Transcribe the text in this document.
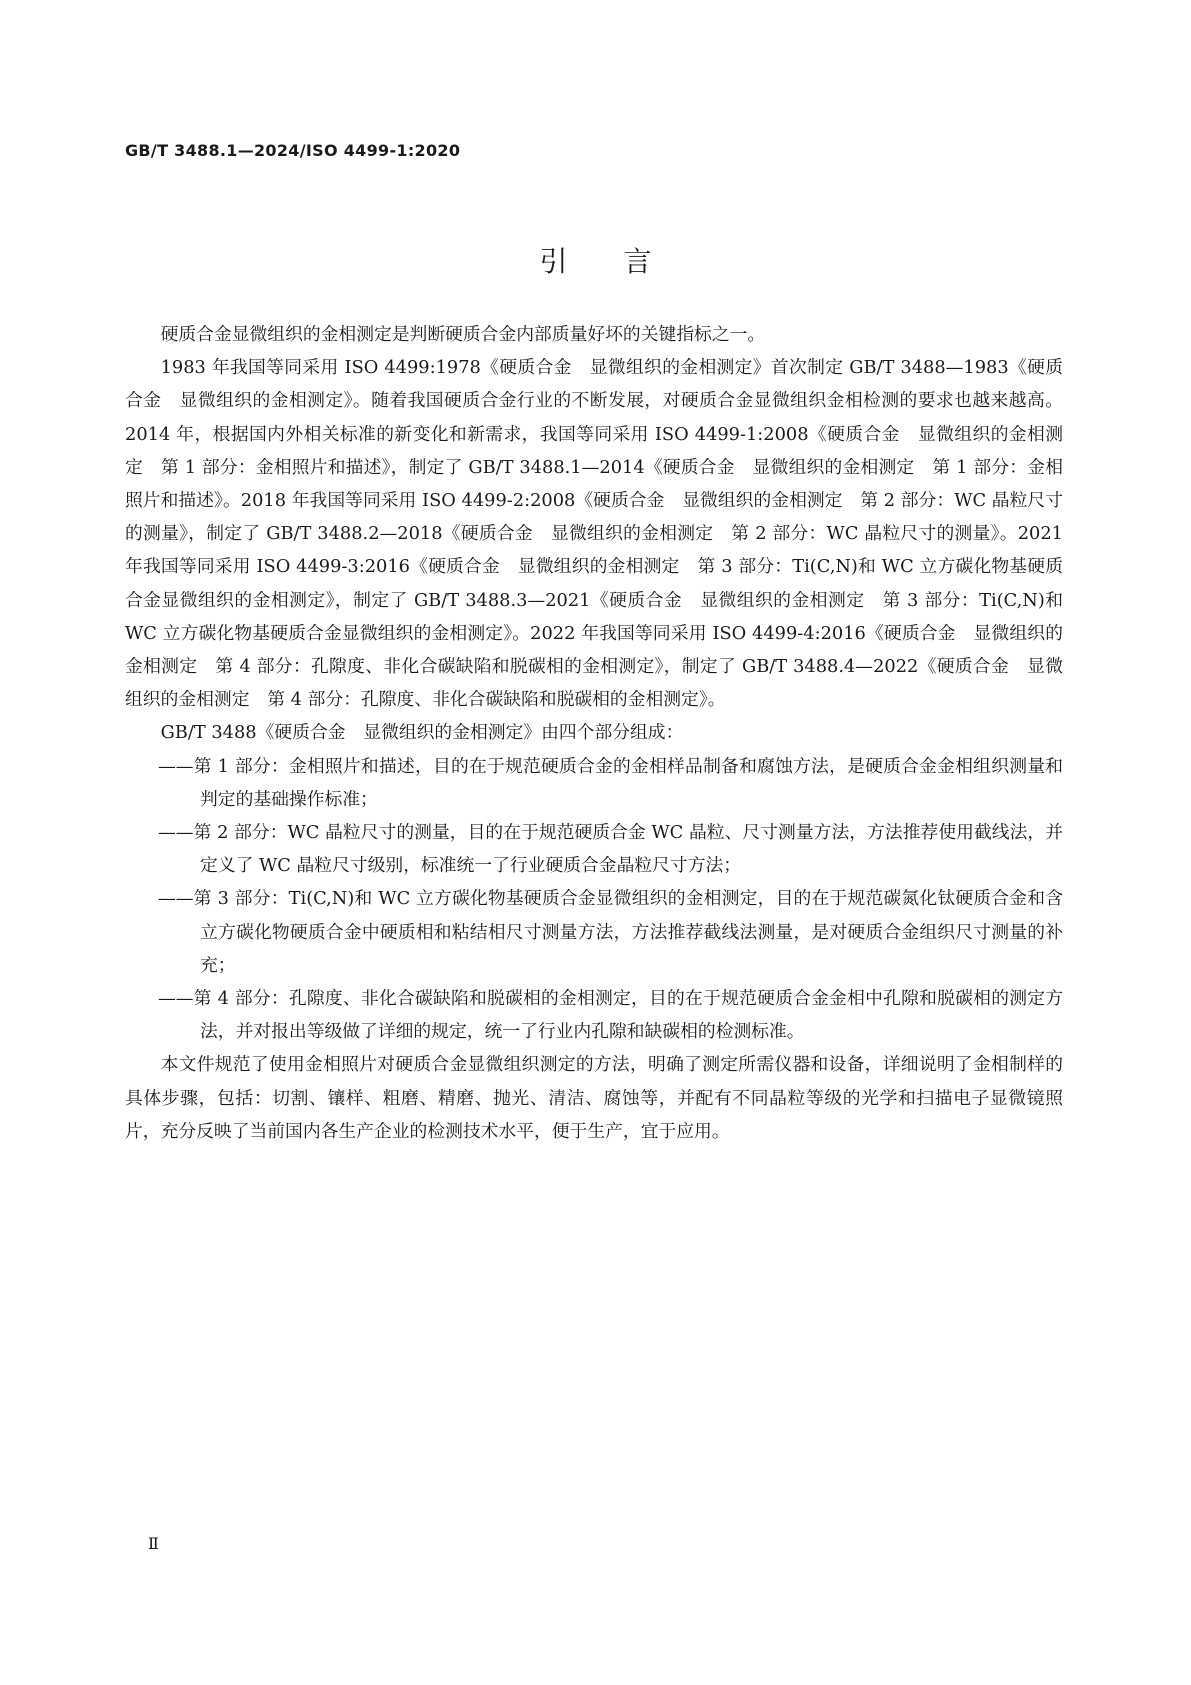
GB/T 3488.1—2024/ISO 4499-1:2020
引言

硬质合金显微组织的金相测定是判断硬质合金内部质量好坏的关键指标之一。

1983 年我国等同采用 ISO 4499:1978《硬质合金　显微组织的金相测定》首次制定 GB/T 3488—1983《硬质合金　显微组织的金相测定》。随着我国硬质合金行业的不断发展，对硬质合金显微组织金相检测的要求也越来越高。2014 年，根据国内外相关标准的新变化和新需求，我国等同采用 ISO 4499-1:2008《硬质合金　显微组织的金相测定　第 1 部分：金相照片和描述》，制定了 GB/T 3488.1—2014《硬质合金　显微组织的金相测定　第 1 部分：金相照片和描述》。2018 年我国等同采用 ISO 4499-2:2008《硬质合金　显微组织的金相测定　第 2 部分：WC 晶粒尺寸的测量》，制定了 GB/T 3488.2—2018《硬质合金　显微组织的金相测定　第 2 部分：WC 晶粒尺寸的测量》。2021 年我国等同采用 ISO 4499-3:2016《硬质合金　显微组织的金相测定　第 3 部分：Ti(C,N)和 WC 立方碳化物基硬质合金显微组织的金相测定》，制定了 GB/T 3488.3—2021《硬质合金　显微组织的金相测定　第 3 部分：Ti(C,N)和 WC 立方碳化物基硬质合金显微组织的金相测定》。2022 年我国等同采用 ISO 4499-4:2016《硬质合金　显微组织的金相测定　第 4 部分：孔隙度、非化合碳缺陷和脱碳相的金相测定》，制定了 GB/T 3488.4—2022《硬质合金　显微组织的金相测定　第 4 部分：孔隙度、非化合碳缺陷和脱碳相的金相测定》。

GB/T 3488《硬质合金　显微组织的金相测定》由四个部分组成：

——第 1 部分：金相照片和描述，目的在于规范硬质合金的金相样品制备和腐蚀方法，是硬质合金金相组织测量和判定的基础操作标准；
——第 2 部分：WC 晶粒尺寸的测量，目的在于规范硬质合金 WC 晶粒、尺寸测量方法，方法推荐使用截线法，并定义了 WC 晶粒尺寸级别，标准统一了行业硬质合金晶粒尺寸方法；
——第 3 部分：Ti(C,N)和 WC 立方碳化物基硬质合金显微组织的金相测定，目的在于规范碳氮化钛硬质合金和含立方碳化物硬质合金中硬质相和粘结相尺寸测量方法，方法推荐截线法测量，是对硬质合金组织尺寸测量的补充；
——第 4 部分：孔隙度、非化合碳缺陷和脱碳相的金相测定，目的在于规范硬质合金金相中孔隙和脱碳相的测定方法，并对报出等级做了详细的规定，统一了行业内孔隙和缺碳相的检测标准。

本文件规范了使用金相照片对硬质合金显微组织测定的方法，明确了测定所需仪器和设备，详细说明了金相制样的具体步骤，包括：切割、镶样、粗磨、精磨、抛光、清洁、腐蚀等，并配有不同晶粒等级的光学和扫描电子显微镜照片，充分反映了当前国内各生产企业的检测技术水平，便于生产，宜于应用。

Ⅱ
